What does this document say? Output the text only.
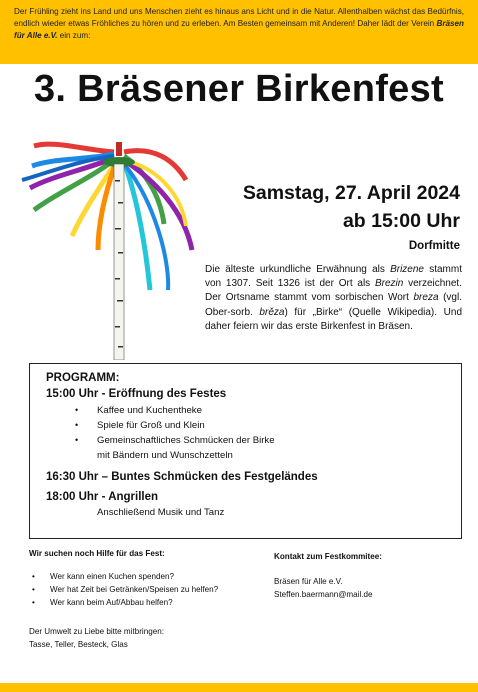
Der Frühling zieht ins Land und uns Menschen zieht es hinaus ans Licht und in die Natur. Allenthalben wächst das Bedürfnis, endlich wieder etwas Fröhliches zu hören und zu erleben. Am Besten gemeinsam mit Anderen! Daher lädt der Verein Bräsen für Alle e.V. ein zum:
3. Bräsener Birkenfest
Samstag, 27. April 2024
ab 15:00 Uhr
Dorfmitte
Die älteste urkundliche Erwähnung als Brizene stammt von 1307. Seit 1326 ist der Ort als Brezin verzeichnet. Der Ortsname stammt vom sorbischen Wort breza (vgl. Ober-sorb. brěza) für „Birke“ (Quelle Wikipedia). Und daher feiern wir das erste Birkenfest in Bräsen.
PROGRAMM:
15:00 Uhr - Eröffnung des Festes
• Kaffee und Kuchentheke
• Spiele für Groß und Klein
• Gemeinschaftliches Schmücken der Birke
mit Bändern und Wunschzetteln
16:30 Uhr – Buntes Schmücken des Festgeländes
18:00 Uhr - Angrillen
Anschließend Musik und Tanz
Wir suchen noch Hilfe für das Fest:
• Wer kann einen Kuchen spenden?
• Wer hat Zeit bei Getränken/Speisen zu helfen?
• Wer kann beim Auf/Abbau helfen?
Der Umwelt zu Liebe bitte mitbringen:
Tasse, Teller, Besteck, Glas
Kontakt zum Festkommitee:
Bräsen für Alle e.V.
Steffen.baermann@mail.de
